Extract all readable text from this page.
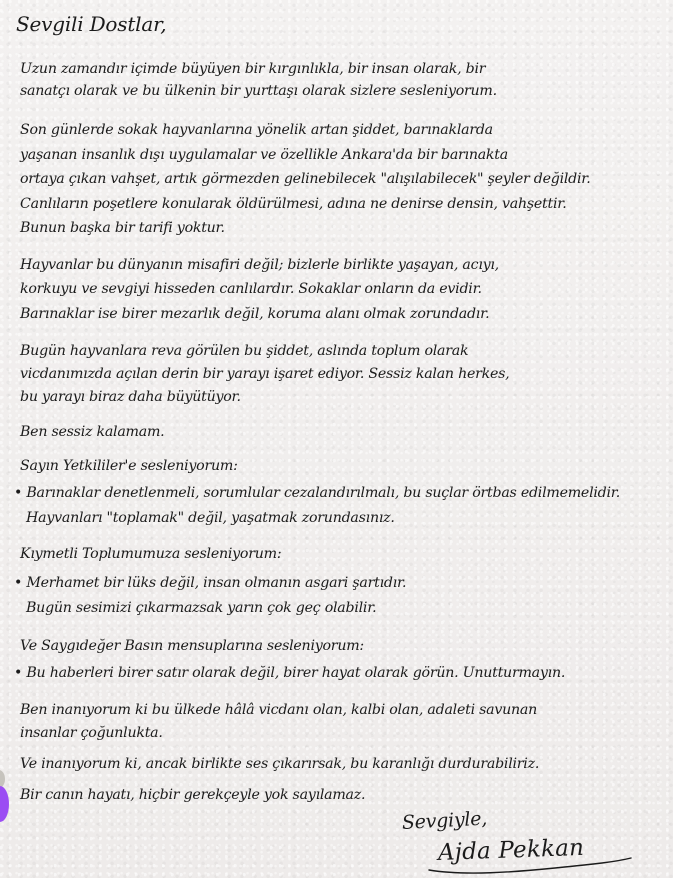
Sevgili Dostlar,
Uzun zamandır içimde büyüyen bir kırgınlıkla, bir insan olarak, bir
sanatçı olarak ve bu ülkenin bir yurttaşı olarak sizlere sesleniyorum.
Son günlerde sokak hayvanlarına yönelik artan şiddet, barınaklarda
yaşanan insanlık dışı uygulamalar ve özellikle Ankara'da bir barınakta
ortaya çıkan vahşet, artık görmezden gelinebilecek "alışılabilecek" şeyler değildir.
Canlıların poşetlere konularak öldürülmesi, adına ne denirse densin, vahşettir.
Bunun başka bir tarifi yoktur.
Hayvanlar bu dünyanın misafiri değil; bizlerle birlikte yaşayan, acıyı,
korkuyu ve sevgiyi hisseden canlılardır. Sokaklar onların da evidir.
Barınaklar ise birer mezarlık değil, koruma alanı olmak zorundadır.
Bugün hayvanlara reva görülen bu şiddet, aslında toplum olarak
vicdanımızda açılan derin bir yarayı işaret ediyor. Sessiz kalan herkes,
bu yarayı biraz daha büyütüyor.
Ben sessiz kalamam.
Sayın Yetkililer'e sesleniyorum:
• Barınaklar denetlenmeli, sorumlular cezalandırılmalı, bu suçlar örtbas edilmemelidir.
Hayvanları "toplamak" değil, yaşatmak zorundasınız.
Kıymetli Toplumumuza sesleniyorum:
• Merhamet bir lüks değil, insan olmanın asgari şartıdır.
Bugün sesimizi çıkarmazsak yarın çok geç olabilir.
Ve Saygıdeğer Basın mensuplarına sesleniyorum:
• Bu haberleri birer satır olarak değil, birer hayat olarak görün. Unutturmayın.
Ben inanıyorum ki bu ülkede hâlâ vicdanı olan, kalbi olan, adaleti savunan
insanlar çoğunlukta.
Ve inanıyorum ki, ancak birlikte ses çıkarırsak, bu karanlığı durdurabiliriz.
Bir canın hayatı, hiçbir gerekçeyle yok sayılamaz.
Sevgiyle,
Ajda Pekkan
